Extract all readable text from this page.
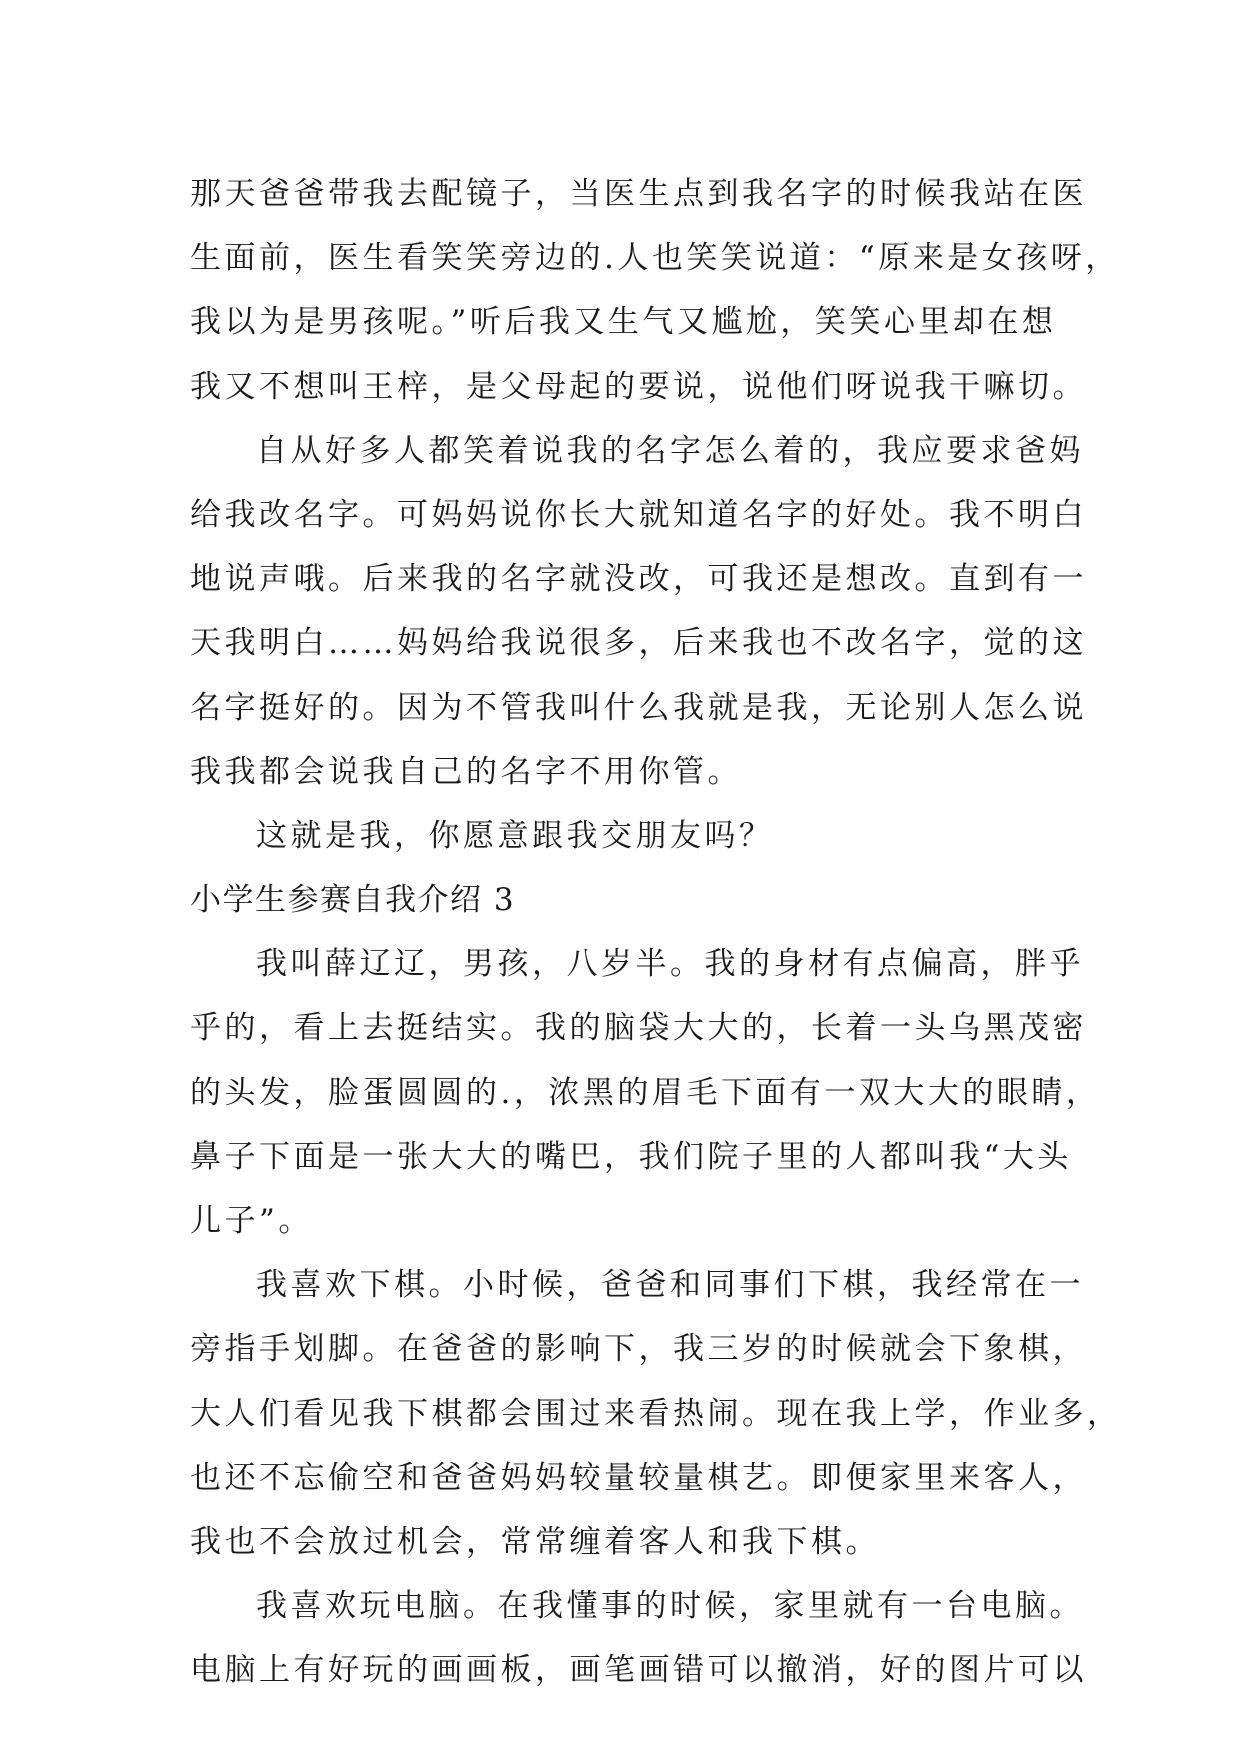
那天爸爸带我去配镜子，当医生点到我名字的时候我站在医
生面前，医生看笑笑旁边的.人也笑笑说道：“原来是女孩呀，
我以为是男孩呢。”听后我又生气又尴尬，笑笑心里却在想
我又不想叫王梓，是父母起的要说，说他们呀说我干嘛切。
自从好多人都笑着说我的名字怎么着的，我应要求爸妈
给我改名字。可妈妈说你长大就知道名字的好处。我不明白
地说声哦。后来我的名字就没改，可我还是想改。直到有一
天我明白……妈妈给我说很多，后来我也不改名字，觉的这
名字挺好的。因为不管我叫什么我就是我，无论别人怎么说
我我都会说我自己的名字不用你管。
这就是我，你愿意跟我交朋友吗？
小学生参赛自我介绍 3
我叫薛辽辽，男孩，八岁半。我的身材有点偏高，胖乎
乎的，看上去挺结实。我的脑袋大大的，长着一头乌黑茂密
的头发，脸蛋圆圆的.，浓黑的眉毛下面有一双大大的眼睛，
鼻子下面是一张大大的嘴巴，我们院子里的人都叫我“大头
儿子”。
我喜欢下棋。小时候，爸爸和同事们下棋，我经常在一
旁指手划脚。在爸爸的影响下，我三岁的时候就会下象棋，
大人们看见我下棋都会围过来看热闹。现在我上学，作业多，
也还不忘偷空和爸爸妈妈较量较量棋艺。即便家里来客人，
我也不会放过机会，常常缠着客人和我下棋。
我喜欢玩电脑。在我懂事的时候，家里就有一台电脑。
电脑上有好玩的画画板，画笔画错可以撤消，好的图片可以
